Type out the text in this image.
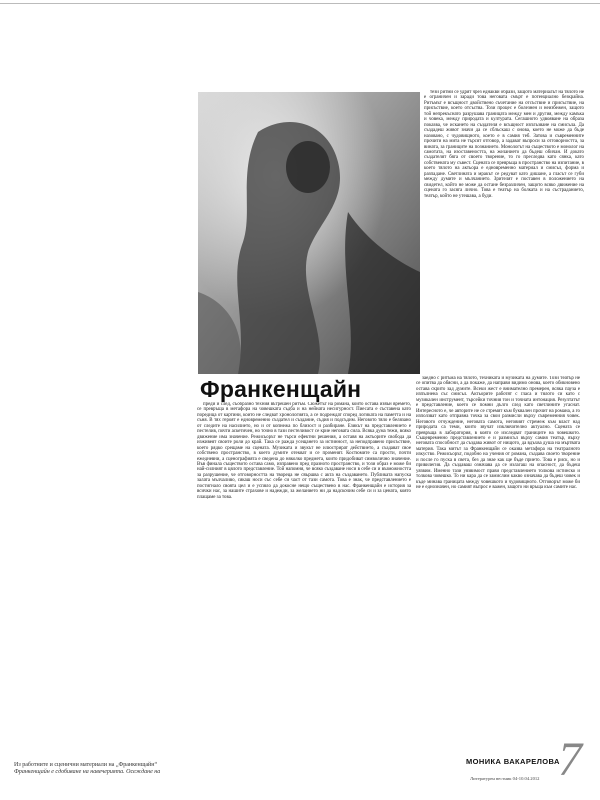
тези ритми се удрят чрез еднакви образи, защото материалът на тялото не е ограничен и заради това неговата смърт е потенциално безкрайна. Ритъмът е всъщност двойствено съчетание на отсъствие и присъствие, на присъствие, което отсъства. Този процес е болезнен и неизбежен, защото той непрекъснато разрушава границата между мен и другия, между камъка и човека, между природата и културата. Сегашното удвояване на образа показва, че искането на създателя е всъщност изплъзване на смисъла. Да създадеш живот значи да се сблъскаш с онова, което не може да бъде назовано, с чудовищното, което е в самия теб. Затова и съвременните прочити на мита не търсят отговор, а задават въпроси за отговорността, за вината, за границите на познанието. Монологът на съществото е монолог на самотата, на изоставеността, на желанието да бъдеш обичан. И докато създателят бяга от своето творение, то го преследва като сянка, като собствената му съвест. Сцената се превръща в пространство на изпитание, в което тялото на актьора е едновременно материал и смисъл, форма и разпадане. Светлината и мракът се редуват като дишане, а гласът се губи между думите и мълчанието. Зрителят е поставен в положението на свидетел, който не може да остане безразличен, защото всяко движение на сцената го засяга лично. Това е театър на болката и на състраданието, театър, който не утешава, а буди.

Франкенщайн

преди и след, съобразно техния вътрешен ритъм. Сюжетът на романа, който остава извън времето, се превръща в метафора на човешката съдба и на нейната несигурност. Пиесата е съставена като поредица от картини, които не следват хронологията, а се подреждат според логиката на паметта и на съня. В тях героят е едновременно създател и създание, съдия и подсъдим. Неговото тяло е белязано от следите на насилието, но и от копнежа по близост и разбиране. Езикът на представлението е пестелив, почти аскетичен, но точно в тази пестеливост се крие неговата сила. Всяка дума тежи, всяко движение има значение. Режисьорът не търси ефектни решения, а оставя на актьорите свобода да изживеят своите роли до край. Така се ражда усещането за истинност, за неподправено присъствие, което рядко срещаме на сцената. Музиката и звукът не илюстрират действието, а създават свое собствено пространство, в което думите отекват и се променят. Костюмите са прости, почти ежедневни, а сценографията е сведена до няколко предмета, които придобиват символично значение. Във финала съществото остава само, изправено пред празното пространство, и този образ е може би най-силният в цялото представление. Той напомня, че всяко създаване носи в себе си и възможността за разрушение, че отговорността на твореца не свършва с акта на създаването. Публиката напуска залата мълчаливо, сякаш носи със себе си част от тази самота. Това е знак, че представлението е постигнало своята цел и е успяло да докосне нещо съществено в нас. Франкенщайн е история за всички нас, за нашите страхове и надежди, за желанието ни да надскочим себе си и за цената, която плащаме за това.

заедно с ритъма на тялото, техниката и музиката на думите. Този театър не се опитва да обясни, а да покаже, да направи видимо онова, което обикновено остава скрито зад думите. Всеки жест е внимателно премерен, всяка пауза е изпълнена със смисъл. Актьорите работят с гласа и тялото си като с музикален инструмент, търсейки точния тон и точната интонация. Резултатът е представление, което се помни дълго след като светлините угаснат. Интересното е, че авторите не се стремят към буквален прочит на романа, а го използват като отправна точка за свои размисли върху съвременния човек. Неговото отчуждение, неговата самота, неговият стремеж към власт над природата са теми, които звучат изключително актуално. Сцената се превръща в лаборатория, в която се изследват границите на човешкото. Същевременно представлението е и размисъл върху самия театър, върху неговата способност да създава живот от нищото, да вдъхва душа на мъртвата материя. Така митът за Франкенщайн се оказва метафора на театралното изкуство. Режисьорът, подобно на учения от романа, създава своето творение и после го пуска в света, без да знае как ще бъде прието. Това е риск, но и привилегия. Да създаваш означава да се излагаш на опасност, да бъдеш уязвим. Именно тази уязвимост прави представлението толкова истинско и толкова човешко. То ни кара да се замислим какво означава да бъдеш човек и къде минава границата между човешкото и чудовищното. Отговорът може би не е еднозначен, но самият въпрос е важен, защото ни връща към самите нас.

Из работните и сценични материали на „Франкенщайн“
Франкенщайн е сдобиване на навечерията. Осеждане на
МОНИКА ВАКАРЕЛОВА
7
Литературен вестник 04-10.04.2012
